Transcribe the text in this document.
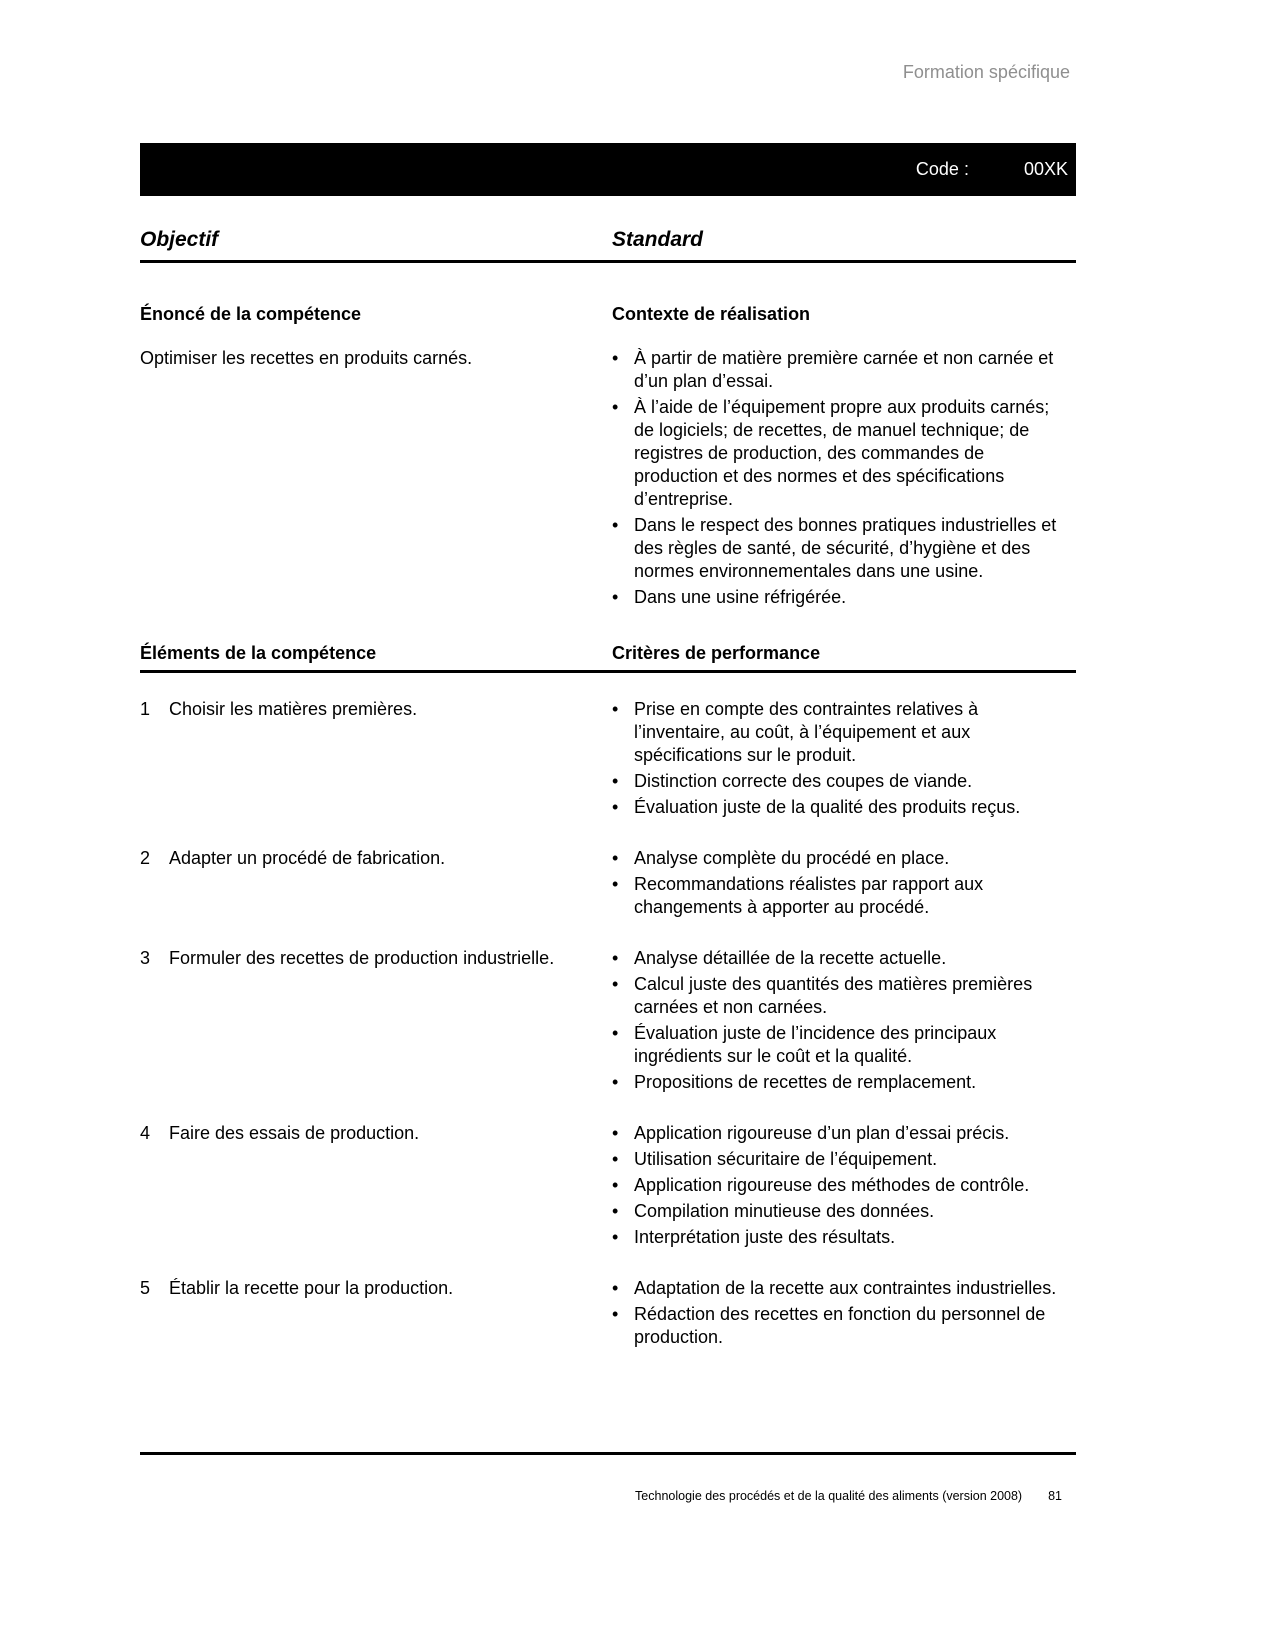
Formation spécifique
Code :	00XK
Objectif	Standard
Énoncé de la compétence	Contexte de réalisation
Optimiser les recettes en produits carnés.	• À partir de matière première carnée et non carnée et d’un plan d’essai.
• À l’aide de l’équipement propre aux produits carnés; de logiciels; de recettes, de manuel technique; de registres de production, des commandes de production et des normes et des spécifications d’entreprise.
• Dans le respect des bonnes pratiques industrielles et des règles de santé, de sécurité, d’hygiène et des normes environnementales dans une usine.
• Dans une usine réfrigérée.
Éléments de la compétence	Critères de performance
1	Choisir les matières premières.	• Prise en compte des contraintes relatives à l’inventaire, au coût, à l’équipement et aux spécifications sur le produit.
• Distinction correcte des coupes de viande.
• Évaluation juste de la qualité des produits reçus.
2	Adapter un procédé de fabrication.	• Analyse complète du procédé en place.
• Recommandations réalistes par rapport aux changements à apporter au procédé.
3	Formuler des recettes de production industrielle.	• Analyse détaillée de la recette actuelle.
• Calcul juste des quantités des matières premières carnées et non carnées.
• Évaluation juste de l’incidence des principaux ingrédients sur le coût et la qualité.
• Propositions de recettes de remplacement.
4	Faire des essais de production.	• Application rigoureuse d’un plan d’essai précis.
• Utilisation sécuritaire de l’équipement.
• Application rigoureuse des méthodes de contrôle.
• Compilation minutieuse des données.
• Interprétation juste des résultats.
5	Établir la recette pour la production.	• Adaptation de la recette aux contraintes industrielles.
• Rédaction des recettes en fonction du personnel de production.
Technologie des procédés et de la qualité des aliments (version 2008) 81
